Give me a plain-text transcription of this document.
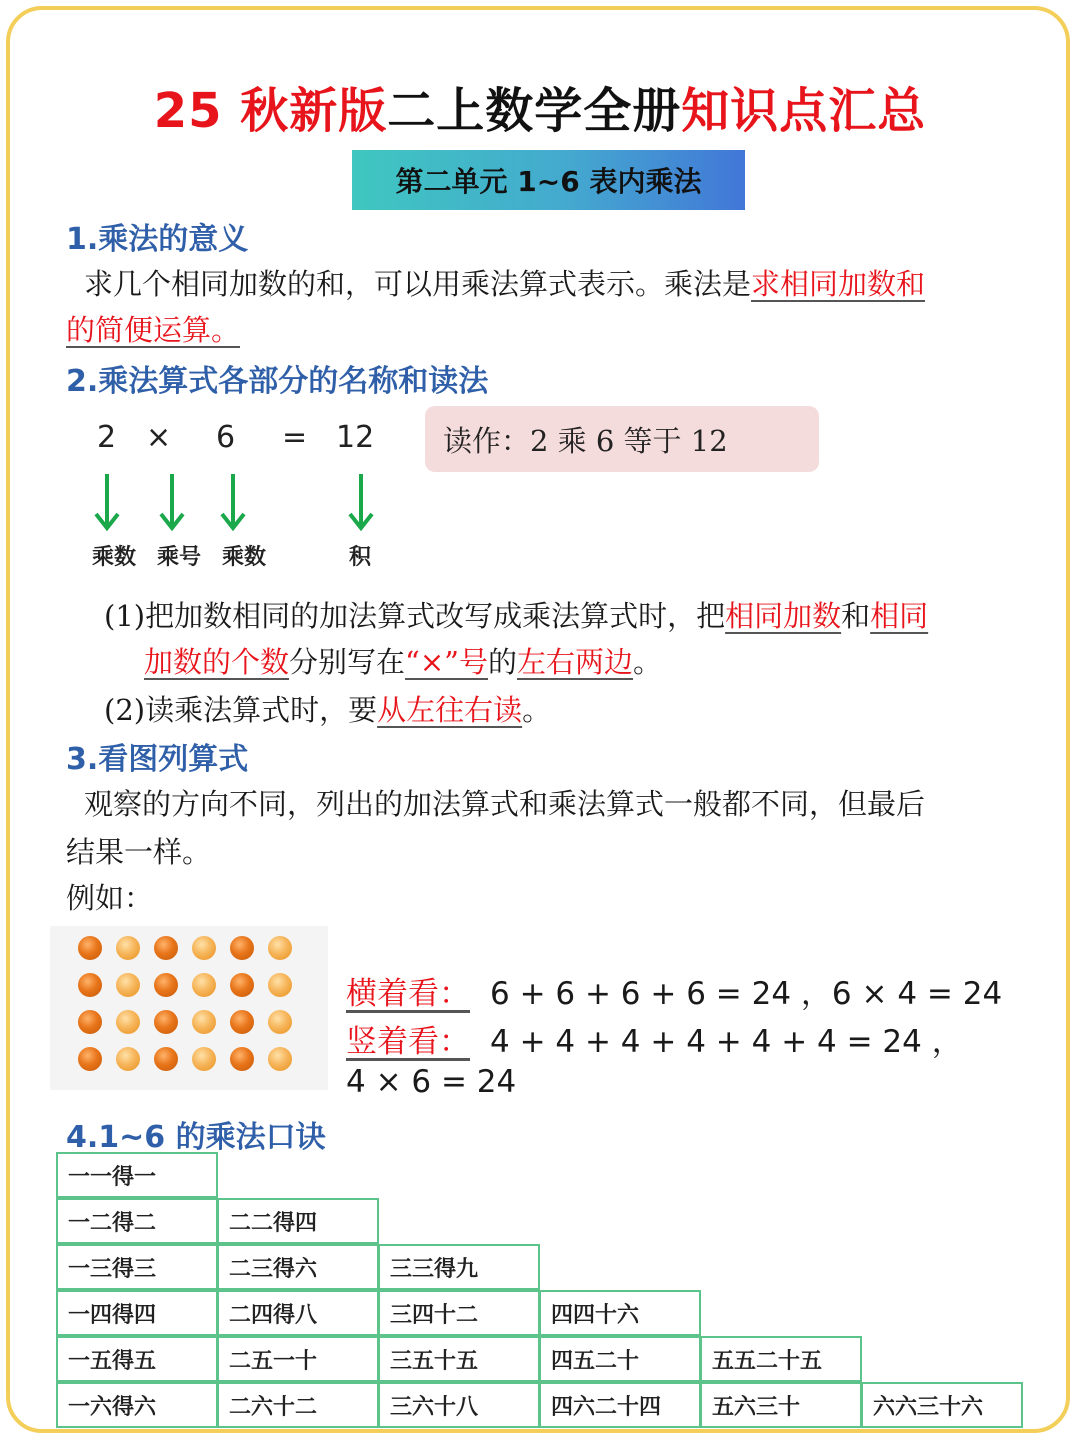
25 秋新版二上数学全册知识点汇总
第二单元 1~6 表内乘法
1.乘法的意义
求几个相同加数的和，可以用乘法算式表示。乘法是求相同加数和
的简便运算。
2.乘法算式各部分的名称和读法
2 × 6 = 12
乘数 乘号 乘数	积
读作：2 乘 6 等于 12
(1)把加数相同的加法算式改写成乘法算式时，把相同加数和相同
加数的个数分别写在“×”号的左右两边。
(2)读乘法算式时，要从左往右读。
3.看图列算式
观察的方向不同，列出的加法算式和乘法算式一般都不同，但最后
结果一样。
例如：
横着看： 6 + 6 + 6 + 6 = 24 ，6 × 4 = 24
竖着看： 4 + 4 + 4 + 4 + 4 + 4 = 24 ，
4 × 6 = 24
4.1~6 的乘法口诀
一一得一
一二得二	二二得四
一三得三	二三得六	三三得九
一四得四	二四得八	三四十二	四四十六
一五得五	二五一十	三五十五	四五二十	五五二十五
一六得六	二六十二	三六十八	四六二十四	五六三十	六六三十六
